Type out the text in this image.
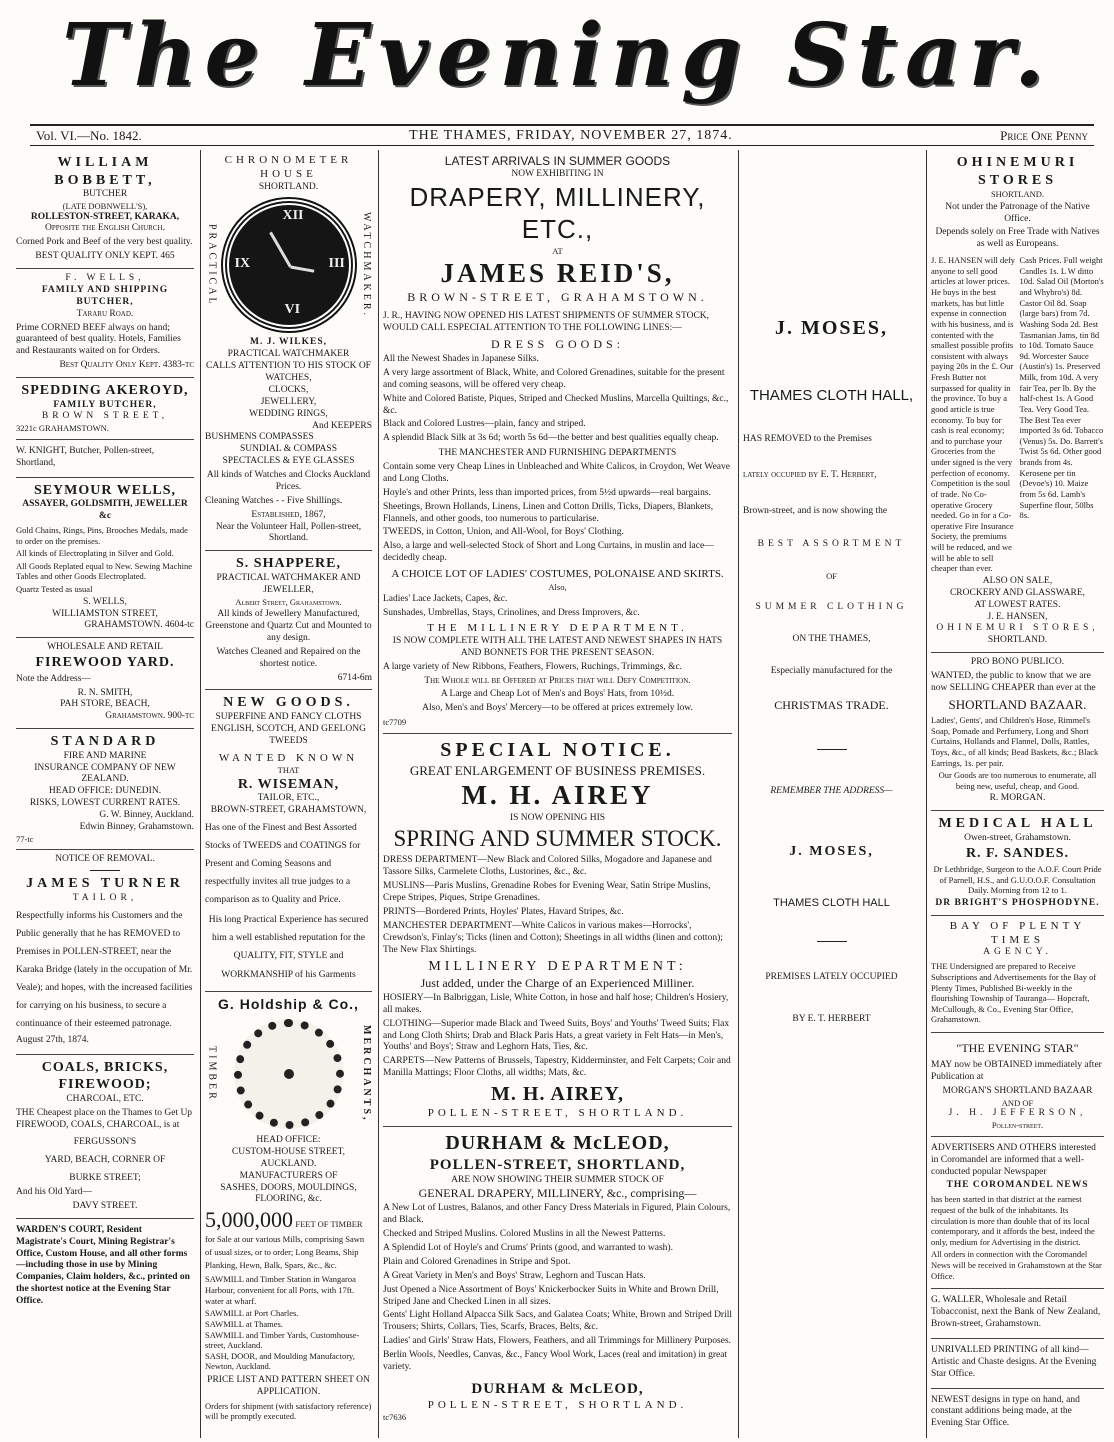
The Evening Star.
Vol. VI.—No. 1842.	THE THAMES, FRIDAY, NOVEMBER 27, 1874.	Price One Penny
WILLIAM BOBBETT,
BUTCHER
(LATE DOBNWELL'S),
ROLLESTON-STREET, KARAKA,
Opposite the English Church.

Corned Pork and Beef of the very best quality.

BEST QUALITY ONLY KEPT. 465
F. WELLS,
FAMILY AND SHIPPING BUTCHER,
Tararu Road.

Prime CORNED BEEF always on hand; guaranteed of best quality. Hotels, Families and Restaurants waited on for Orders.

Best Quality Only Kept. 4383-tc
SPEDDING AKEROYD,
FAMILY BUTCHER,
BROWN STREET,
3221c GRAHAMSTOWN.

W. KNIGHT, Butcher, Pollen-street, Shortland,

SEYMOUR WELLS,
ASSAYER, GOLDSMITH, JEWELLER &c

Gold Chains, Rings, Pins, Brooches Medals, made to order on the premises.

All kinds of Electroplating in Silver and Gold.

All Goods Replated equal to New. Sewing Machine Tables and other Goods Electroplated.

Quartz Tested as usual

S. WELLS,
WILLIAMSTON STREET,
GRAHAMSTOWN. 4604-tc
WHOLESALE AND RETAIL
FIREWOOD YARD.

Note the Address—

R. N. SMITH,
PAH STORE, BEACH,
Grahamstown. 900-tc
STANDARD
FIRE AND MARINE
INSURANCE COMPANY OF NEW
ZEALAND.
HEAD OFFICE: DUNEDIN.
RISKS, LOWEST CURRENT RATES.
G. W. Binney, Auckland.
Edwin Binney, Grahamstown.
77-tc
NOTICE OF REMOVAL.
JAMES TURNER
TAILOR,

Respectfully informs his Customers and the Public generally that he has REMOVED to Premises in POLLEN-STREET, near the Karaka Bridge (lately in the occupation of Mr. Veale); and hopes, with the increased facilities for carrying on his business, to secure a continuance of their esteemed patronage.

August 27th, 1874.

COALS, BRICKS, FIREWOOD;
CHARCOAL, ETC.

THE Cheapest place on the Thames to Get Up FIREWOOD, COALS, CHARCOAL, is at

FERGUSSON'S
YARD, BEACH, CORNER OF
BURKE STREET;

And his Old Yard—

DAVY STREET.

WARDEN'S COURT, Resident Magistrate's Court, Mining Registrar's Office, Custom House, and all other forms—including those in use by Mining Companies, Claim holders, &c., printed on the shortest notice at the Evening Star Office.

CHRONOMETER HOUSE
SHORTLAND.
PRACTICAL
XII
III
VI
IX	WATCHMAKER.
M. J. WILKES,
PRACTICAL WATCHMAKER
CALLS ATTENTION TO HIS STOCK OF WATCHES,
CLOCKS,
JEWELLERY,
WEDDING RINGS,
And KEEPERS
BUSHMENS COMPASSES
SUNDIAL & COMPASS
SPECTACLES & EYE GLASSES

All kinds of Watches and Clocks Auckland Prices.

Cleaning Watches - - Five Shillings.

Established, 1867,
Near the Volunteer Hall, Pollen-street, Shortland.
S. SHAPPERE,
PRACTICAL WATCHMAKER AND
JEWELLER,
Albert Street, Grahamstown.

All kinds of Jewellery Manufactured, Greenstone and Quartz Cut and Mounted to any design.

Watches Cleaned and Repaired on the shortest notice.

6714-6m
NEW GOODS.
SUPERFINE AND FANCY CLOTHS
ENGLISH, SCOTCH, AND GEELONG TWEEDS
WANTED KNOWN
THAT
R. WISEMAN,
TAILOR, ETC.,
BROWN-STREET, GRAHAMSTOWN,

Has one of the Finest and Best Assorted Stocks of TWEEDS and COATINGS for Present and Coming Seasons and respectfully invites all true judges to a comparison as to Quality and Price.

His long Practical Experience has secured him a well established reputation for the QUALITY, FIT, STYLE and WORKMANSHIP of his Garments

G. Holdship & Co.,
TIMBER	MERCHANTS,
HEAD OFFICE:
CUSTOM-HOUSE STREET, AUCKLAND.
MANUFACTURERS OF
SASHES, DOORS, MOULDINGS, FLOORING, &c.
5,000,000 FEET OF TIMBER for Sale at our various Mills, comprising Sawn of usual sizes, or to order; Long Beams, Ship Planking, Hewn, Balk, Spars, &c., &c.

SAWMILL and Timber Station in Wangaroa Harbour, convenient for all Ports, with 17ft. water at wharf.

SAWMILL at Port Charles.
SAWMILL at Thames.
SAWMILL and Timber Yards, Customhouse-street, Auckland.
SASH, DOOR, and Moulding Manufactory, Newton, Auckland.
PRICE LIST AND PATTERN SHEET ON APPLICATION.

Orders for shipment (with satisfactory reference) will be promptly executed.

LATEST ARRIVALS IN SUMMER GOODS
NOW EXHIBITING IN
DRAPERY, MILLINERY, ETC.,
AT
JAMES REID'S,
BROWN-STREET, GRAHAMSTOWN.

J. R., HAVING NOW OPENED HIS LATEST SHIPMENTS OF SUMMER STOCK, WOULD CALL ESPECIAL ATTENTION TO THE FOLLOWING LINES:—

DRESS GOODS:

All the Newest Shades in Japanese Silks.

A very large assortment of Black, White, and Colored Grenadines, suitable for the present and coming seasons, will be offered very cheap.

White and Colored Batiste, Piques, Striped and Checked Muslins, Marcella Quiltings, &c., &c.

Black and Colored Lustres—plain, fancy and striped.

A splendid Black Silk at 3s 6d; worth 5s 6d—the better and best qualities equally cheap.

THE MANCHESTER AND FURNISHING DEPARTMENTS

Contain some very Cheap Lines in Unbleached and White Calicos, in Croydon, Wet Weave and Long Cloths.

Hoyle's and other Prints, less than imported prices, from 5½d upwards—real bargains.

Sheetings, Brown Hollands, Linens, Linen and Cotton Drills, Ticks, Diapers, Blankets, Flannels, and other goods, too numerous to particularise.

TWEEDS, in Cotton, Union, and All-Wool, for Boys' Clothing.

Also, a large and well-selected Stock of Short and Long Curtains, in muslin and lace—decidedly cheap.

A CHOICE LOT OF LADIES' COSTUMES, POLONAISE AND SKIRTS.
Also,

Ladies' Lace Jackets, Capes, &c.

Sunshades, Umbrellas, Stays, Crinolines, and Dress Improvers, &c.

THE MILLINERY DEPARTMENT.
IS NOW COMPLETE WITH ALL THE LATEST AND NEWEST SHAPES IN HATS AND BONNETS FOR THE PRESENT SEASON.

A large variety of New Ribbons, Feathers, Flowers, Ruchings, Trimmings, &c.

The Whole will be Offered at Prices that will Defy Competition.

A Large and Cheap Lot of Men's and Boys' Hats, from 10½d.

Also, Men's and Boys' Mercery—to be offered at prices extremely low.

tc7709
SPECIAL NOTICE.
GREAT ENLARGEMENT OF BUSINESS PREMISES.
M. H. AIREY
IS NOW OPENING HIS
SPRING AND SUMMER STOCK.

DRESS DEPARTMENT—New Black and Colored Silks, Mogadore and Japanese and Tassore Silks, Carmelete Cloths, Lustorines, &c., &c.

MUSLINS—Paris Muslins, Grenadine Robes for Evening Wear, Satin Stripe Muslins, Crepe Stripes, Piques, Stripe Grenadines.

PRINTS—Bordered Prints, Hoyles' Plates, Havard Stripes, &c.

MANCHESTER DEPARTMENT—White Calicos in various makes—Horrocks', Crewdson's, Finlay's; Ticks (linen and Cotton); Sheetings in all widths (linen and cotton); The New Flax Shirtings.

MILLINERY DEPARTMENT:
Just added, under the Charge of an Experienced Milliner.

HOSIERY—In Balbriggan, Lisle, White Cotton, in hose and half hose; Children's Hosiery, all makes.

CLOTHING—Superior made Black and Tweed Suits, Boys' and Youths' Tweed Suits; Flax and Long Cloth Shirts; Drab and Black Paris Hats, a great variety in Felt Hats—in Men's, Youths' and Boys'; Straw and Leghorn Hats, Ties, &c.

CARPETS—New Patterns of Brussels, Tapestry, Kidderminster, and Felt Carpets; Coir and Manilla Mattings; Floor Cloths, all widths; Mats, &c.

M. H. AIREY,
POLLEN-STREET, SHORTLAND.
DURHAM & McLEOD,
POLLEN-STREET, SHORTLAND,
ARE NOW SHOWING THEIR SUMMER STOCK OF
GENERAL DRAPERY, MILLINERY, &c., comprising—

A New Lot of Lustres, Balanos, and other Fancy Dress Materials in Figured, Plain Colours, and Black.

Checked and Striped Muslins. Colored Muslins in all the Newest Patterns.

A Splendid Lot of Hoyle's and Crums' Prints (good, and warranted to wash).

Plain and Colored Grenadines in Stripe and Spot.

A Great Variety in Men's and Boys' Straw, Leghorn and Tuscan Hats.

Just Opened a Nice Assortment of Boys' Knickerbocker Suits in White and Brown Drill, Striped Jane and Checked Linen in all sizes.

Gents' Light Holland Alpacca Silk Sacs, and Galatea Coats; White, Brown and Striped Drill Trousers; Shirts, Collars, Ties, Scarfs, Braces, Belts, &c.

Ladies' and Girls' Straw Hats, Flowers, Feathers, and all Trimmings for Millinery Purposes.

Berlin Wools, Needles, Canvas, &c., Fancy Wool Work, Laces (real and imitation) in great variety.

DURHAM & McLEOD,
POLLEN-STREET, SHORTLAND.
tc7636
J. MOSES,
THAMES CLOTH HALL,

HAS REMOVED to the Premises

lately occupied by E. T. Herbert,

Brown-street, and is now showing the

BEST ASSORTMENT
OF
SUMMER CLOTHING
ON THE THAMES,
Especially manufactured for the
CHRISTMAS TRADE.
REMEMBER THE ADDRESS—
J. MOSES,
THAMES CLOTH HALL
PREMISES LATELY OCCUPIED
BY E. T. HERBERT
OHINEMURI STORES
SHORTLAND.

Not under the Patronage of the Native Office.

Depends solely on Free Trade with Natives as well as Europeans.

J. E. HANSEN will defy anyone to sell good articles at lower prices. He buys in the best markets, has but little expense in connection with his business, and is contented with the smallest possible profits consistent with always paying 20s in the £. Our Fresh Butter not surpassed for quality in the province. To buy a good article is true economy. To buy for cash is real economy; and to purchase your Groceries from the under signed is the very perfection of economy. Competition is the soul of trade. No Co-operative Grocery needed. Go in for a Co-operative Fire Insurance Society, the premiums will be reduced, and we will be able to sell cheaper than ever.

Cash Prices. Full weight Candles 1s. L W ditto 10d. Salad Oil (Morton's and Whybro's) 8d. Castor Oil 8d. Soap (large bars) from 7d. Washing Soda 2d. Best Tasmanian Jams, tin 8d to 10d. Tomato Sauce 9d. Worcester Sauce (Austin's) 1s. Preserved Milk, from 10d. A very fair Tea, per lb. By the half-chest 1s. A Good Tea. Very Good Tea. The Best Tea ever imported 3s 6d. Tobacco (Venus) 5s. Do. Barrett's Twist 5s 6d. Other good brands from 4s. Kerosene per tin (Devoe's) 10. Maize from 5s 6d. Lamb's Superfine flour, 50lbs 8s.

ALSO ON SALE,
CROCKERY AND GLASSWARE,
AT LOWEST RATES.
J. E. HANSEN,
OHINEMURI STORES,
SHORTLAND.
PRO BONO PUBLICO.

WANTED, the public to know that we are now SELLING CHEAPER than ever at the

SHORTLAND BAZAAR.

Ladies', Gents', and Children's Hose, Rimmel's Soap, Pomade and Perfumery, Long and Short Curtains, Hollands and Flannel, Dolls, Rattles, Toys, &c., of all kinds; Bead Baskets, &c.; Black Earrings, 1s. per pair.

Our Goods are too numerous to enumerate, all being new, useful, cheap, and Good.

R. MORGAN.
MEDICAL HALL
Owen-street, Grahamstown.
R. F. SANDES.

Dr Lethbridge, Surgeon to the A.O.F. Court Pride of Parnell, H.S., and G.U.O.O.F. Consultation Daily. Morning from 12 to 1.

DR BRIGHT'S PHOSPHODYNE.
BAY OF PLENTY TIMES
AGENCY.

THE Undersigned are prepared to Receive Subscriptions and Advertisements for the Bay of Plenty Times, Published Bi-weekly in the flourishing Township of Tauranga— Hopcraft, McCullough, & Co., Evening Star Office, Grahamstown.

"THE EVENING STAR"

MAY now be OBTAINED immediately after Publication at

MORGAN'S SHORTLAND BAZAAR
AND OF
J. H. JEFFERSON,
Pollen-street.

ADVERTISERS AND OTHERS interested in Coromandel are informed that a well-conducted popular Newspaper

THE COROMANDEL NEWS

has been started in that district at the earnest request of the bulk of the inhabitants. Its circulation is more than double that of its local contemporary, and it affords the best, indeed the only, medium for Advertising in the district.

All orders in connection with the Coromandel News will be received in Grahamstown at the Star Office.

G. WALLER, Wholesale and Retail Tobacconist, next the Bank of New Zealand, Brown-street, Grahamstown.

UNRIVALLED PRINTING of all kind—Artistic and Chaste designs. At the Evening Star Office.

NEWEST designs in type on hand, and constant additions being made, at the Evening Star Office.
